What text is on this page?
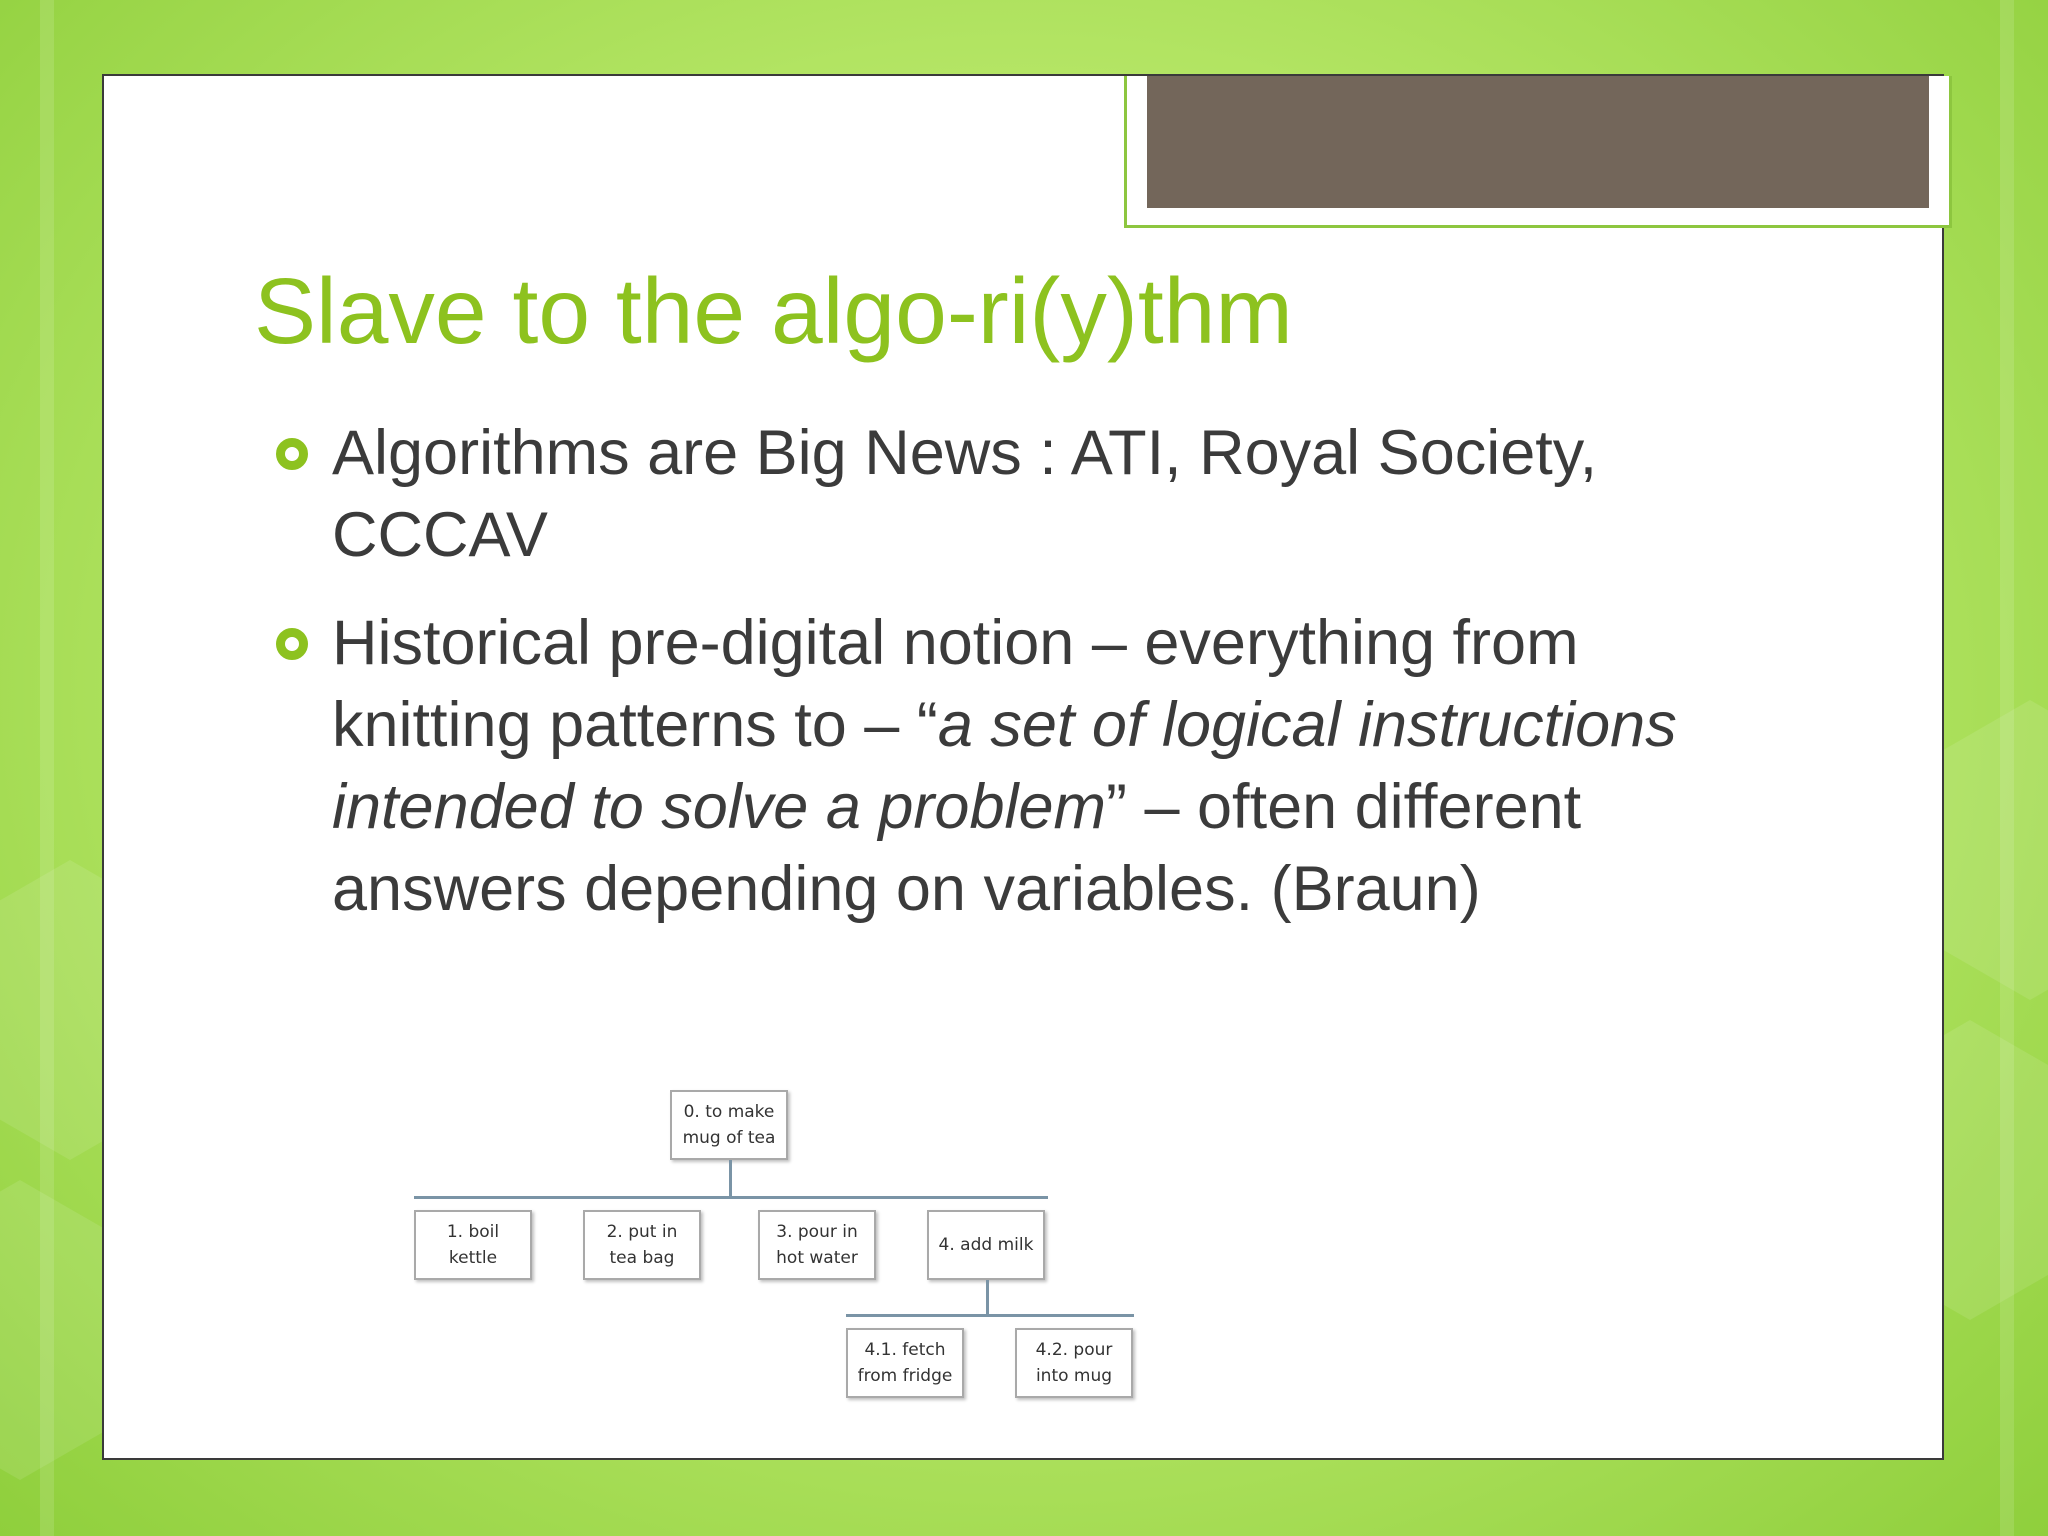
Slave to the algo-ri(y)thm
Algorithms are Big News : ATI, Royal Society, CCCAV
Historical pre-digital notion – everything from knitting patterns to – “a set of logical instructions intended to solve a problem” – often different answers depending on variables. (Braun)
0. to make mug of tea
1. boil kettle
2. put in tea bag
3. pour in hot water
4. add milk
4.1. fetch from fridge
4.2. pour into mug
